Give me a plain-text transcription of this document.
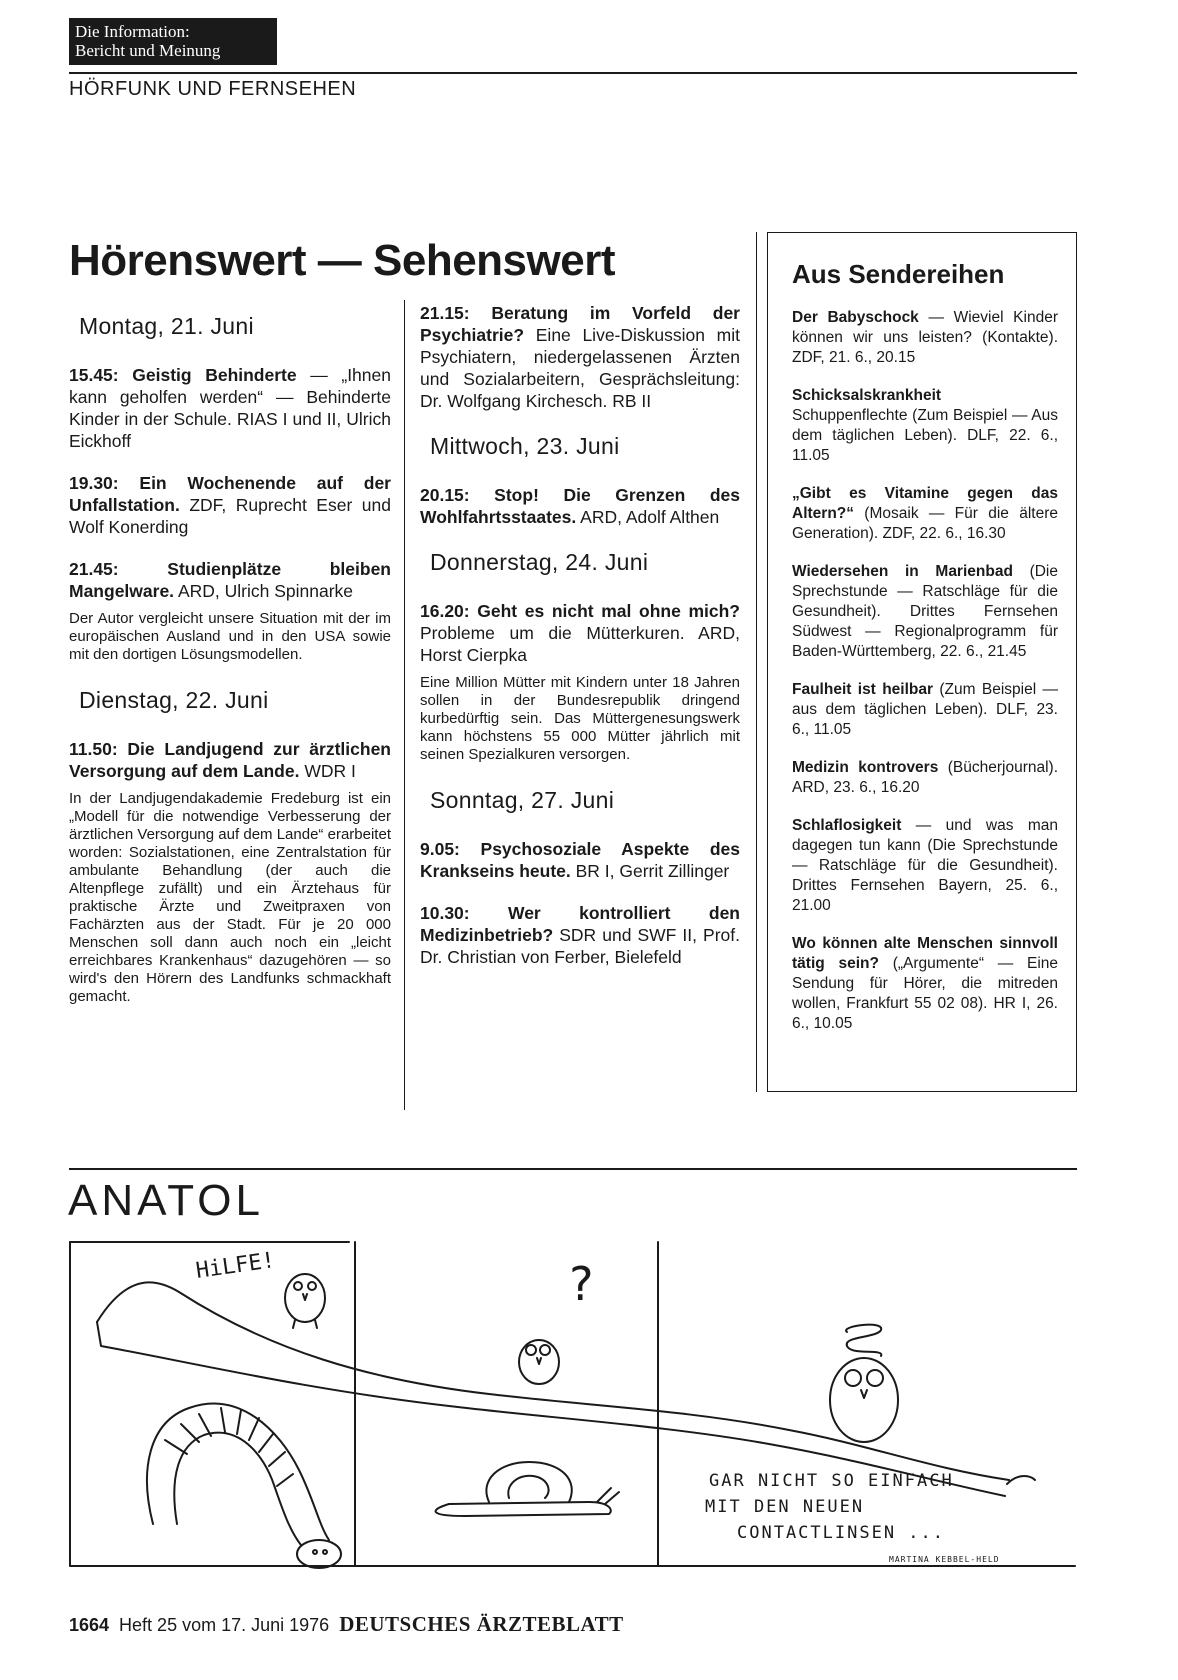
Die Information:
Bericht und Meinung
HÖRFUNK UND FERNSEHEN
Hörenswert — Sehenswert
Montag, 21. Juni
15.45: Geistig Behinderte — „Ihnen kann geholfen werden“ — Behinderte Kinder in der Schule. RIAS I und II, Ulrich Eickhoff
19.30: Ein Wochenende auf der Unfallstation. ZDF, Ruprecht Eser und Wolf Konerding
21.45: Studienplätze bleiben Mangelware. ARD, Ulrich Spinnarke
Der Autor vergleicht unsere Situation mit der im europäischen Ausland und in den USA sowie mit den dortigen Lösungsmodellen.
Dienstag, 22. Juni
11.50: Die Landjugend zur ärztlichen Versorgung auf dem Lande. WDR I
In der Landjugendakademie Fredeburg ist ein „Modell für die notwendige Verbesserung der ärztlichen Versorgung auf dem Lande“ erarbeitet worden: Sozialstationen, eine Zentralstation für ambulante Behandlung (der auch die Altenpflege zufällt) und ein Ärztehaus für praktische Ärzte und Zweitpraxen von Fachärzten aus der Stadt. Für je 20 000 Menschen soll dann auch noch ein „leicht erreichbares Krankenhaus“ dazugehören — so wird's den Hörern des Landfunks schmackhaft gemacht.
21.15: Beratung im Vorfeld der Psychiatrie? Eine Live-Diskussion mit Psychiatern, niedergelassenen Ärzten und Sozialarbeitern, Gesprächsleitung: Dr. Wolfgang Kirchesch. RB II
Mittwoch, 23. Juni
20.15: Stop! Die Grenzen des Wohlfahrtsstaates. ARD, Adolf Althen
Donnerstag, 24. Juni
16.20: Geht es nicht mal ohne mich? Probleme um die Mütterkuren. ARD, Horst Cierpka
Eine Million Mütter mit Kindern unter 18 Jahren sollen in der Bundesrepublik dringend kurbedürftig sein. Das Müttergenesungswerk kann höchstens 55 000 Mütter jährlich mit seinen Spezialkuren versorgen.
Sonntag, 27. Juni
9.05: Psychosoziale Aspekte des Krankseins heute. BR I, Gerrit Zillinger
10.30: Wer kontrolliert den Medizinbetrieb? SDR und SWF II, Prof. Dr. Christian von Ferber, Bielefeld
Aus Sendereihen
Der Babyschock — Wieviel Kinder können wir uns leisten? (Kontakte). ZDF, 21. 6., 20.15
Schicksalskrankheit Schuppenflechte (Zum Beispiel — Aus dem täglichen Leben). DLF, 22. 6., 11.05
„Gibt es Vitamine gegen das Altern?“ (Mosaik — Für die ältere Generation). ZDF, 22. 6., 16.30
Wiedersehen in Marienbad (Die Sprechstunde — Ratschläge für die Gesundheit). Drittes Fernsehen Südwest — Regionalprogramm für Baden-Württemberg, 22. 6., 21.45
Faulheit ist heilbar (Zum Beispiel — aus dem täglichen Leben). DLF, 23. 6., 11.05
Medizin kontrovers (Bücherjournal). ARD, 23. 6., 16.20
Schlaflosigkeit — und was man dagegen tun kann (Die Sprechstunde — Ratschläge für die Gesundheit). Drittes Fernsehen Bayern, 25. 6., 21.00
Wo können alte Menschen sinnvoll tätig sein? („Argumente“ — Eine Sendung für Hörer, die mitreden wollen, Frankfurt 55 02 08). HR I, 26. 6., 10.05
ANATOL
HiLFE!	?
GAR NICHT SO EINFACH
MIT DEN NEUEN
CONTACTLINSEN ...
MARTINA KEBBEL-HELD
1664 Heft 25 vom 17. Juni 1976 DEUTSCHES ÄRZTEBLATT
